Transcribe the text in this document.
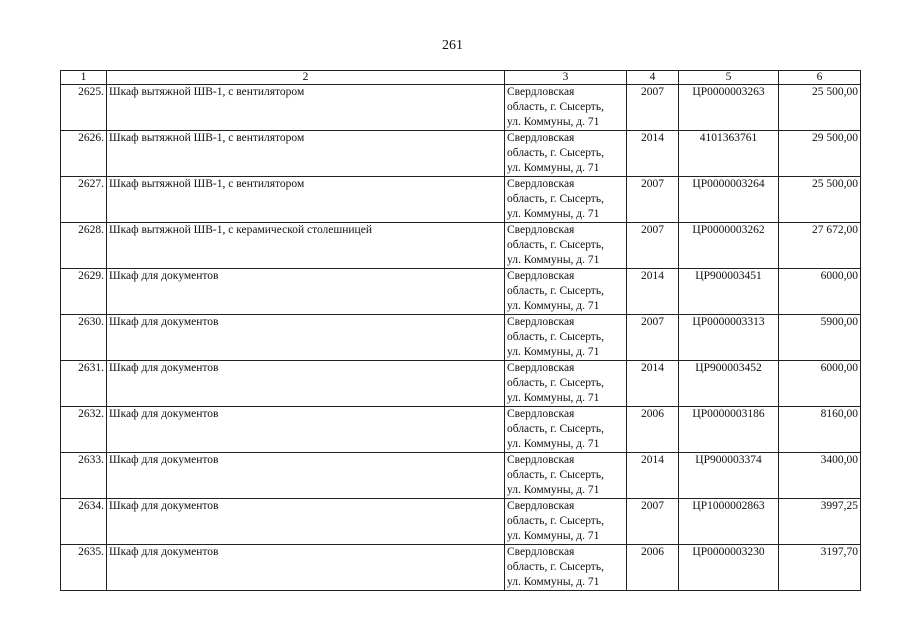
261
1	2	3	4	5	6
2625.	Шкаф вытяжной ШВ-1, с вентилятором	Свердловская
область, г. Сысерть,
ул. Коммуны, д. 71	2007	ЦР0000003263	25 500,00
2626.	Шкаф вытяжной ШВ-1, с вентилятором	Свердловская
область, г. Сысерть,
ул. Коммуны, д. 71	2014	4101363761	29 500,00
2627.	Шкаф вытяжной ШВ-1, с вентилятором	Свердловская
область, г. Сысерть,
ул. Коммуны, д. 71	2007	ЦР0000003264	25 500,00
2628.	Шкаф вытяжной ШВ-1, с керамической столешницей	Свердловская
область, г. Сысерть,
ул. Коммуны, д. 71	2007	ЦР0000003262	27 672,00
2629.	Шкаф для документов	Свердловская
область, г. Сысерть,
ул. Коммуны, д. 71	2014	ЦР900003451	6000,00
2630.	Шкаф для документов	Свердловская
область, г. Сысерть,
ул. Коммуны, д. 71	2007	ЦР0000003313	5900,00
2631.	Шкаф для документов	Свердловская
область, г. Сысерть,
ул. Коммуны, д. 71	2014	ЦР900003452	6000,00
2632.	Шкаф для документов	Свердловская
область, г. Сысерть,
ул. Коммуны, д. 71	2006	ЦР0000003186	8160,00
2633.	Шкаф для документов	Свердловская
область, г. Сысерть,
ул. Коммуны, д. 71	2014	ЦР900003374	3400,00
2634.	Шкаф для документов	Свердловская
область, г. Сысерть,
ул. Коммуны, д. 71	2007	ЦР1000002863	3997,25
2635.	Шкаф для документов	Свердловская
область, г. Сысерть,
ул. Коммуны, д. 71	2006	ЦР0000003230	3197,70
